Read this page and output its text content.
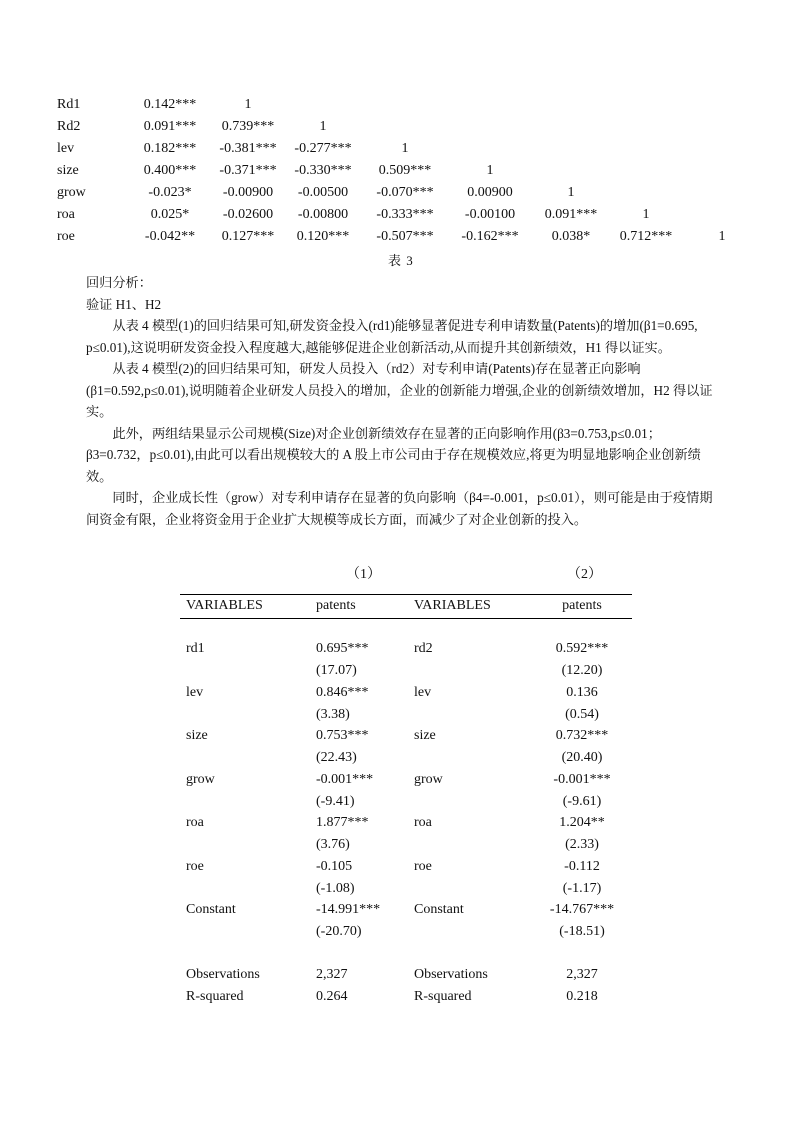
Rd1	0.142***	1
Rd2	0.091*** 0.739***	1
lev	0.182*** -0.381*** -0.277***	1
size	0.400*** -0.371*** -0.330*** 0.509***	1
grow	-0.023* -0.00900 -0.00500 -0.070*** 0.00900	1
roa	0.025* -0.02600 -0.00800 -0.333*** -0.00100 0.091***	1
roe	-0.042** 0.127*** 0.120*** -0.507*** -0.162*** 0.038* 0.712***	1
表 3

回归分析：

验证 H1、H2

从表 4 模型(1)的回归结果可知,研发资金投入(rd1)能够显著促进专利申请数量(Patents)的增加(β1=0.695, p≤0.01),这说明研发资金投入程度越大,越能够促进企业创新活动,从而提升其创新绩效，H1 得以证实。

从表 4 模型(2)的回归结果可知，研发人员投入（rd2）对专利申请(Patents)存在显著正向影响(β1=0.592,p≤0.01),说明随着企业研发人员投入的增加，企业的创新能力增强,企业的创新绩效增加，H2 得以证实。

此外，两组结果显示公司规模(Size)对企业创新绩效存在显著的正向影响作用(β3=0.753,p≤0.01；β3=0.732，p≤0.01),由此可以看出规模较大的 A 股上市公司由于存在规模效应,将更为明显地影响企业创新绩效。

同时，企业成长性（grow）对专利申请存在显著的负向影响（β4=-0.001，p≤0.01），则可能是由于疫情期间资金有限，企业将资金用于企业扩大规模等成长方面，而减少了对企业创新的投入。

（1）	（2）
VARIABLES	patents	VARIABLES	patents
rd1	0.695***	rd2	0.592***
(17.07)	(12.20)
lev	0.846***	lev	0.136
(3.38)	(0.54)
size	0.753***	size	0.732***
(22.43)	(20.40)
grow	-0.001***	grow	-0.001***
(-9.41)	(-9.61)
roa	1.877***	roa	1.204**
(3.76)	(2.33)
roe	-0.105	roe	-0.112
(-1.08)	(-1.17)
Constant	-14.991*** Constant	-14.767***
(-20.70)	(-18.51)
Observations	2,327	Observations	2,327
R-squared	0.264	R-squared	0.218
